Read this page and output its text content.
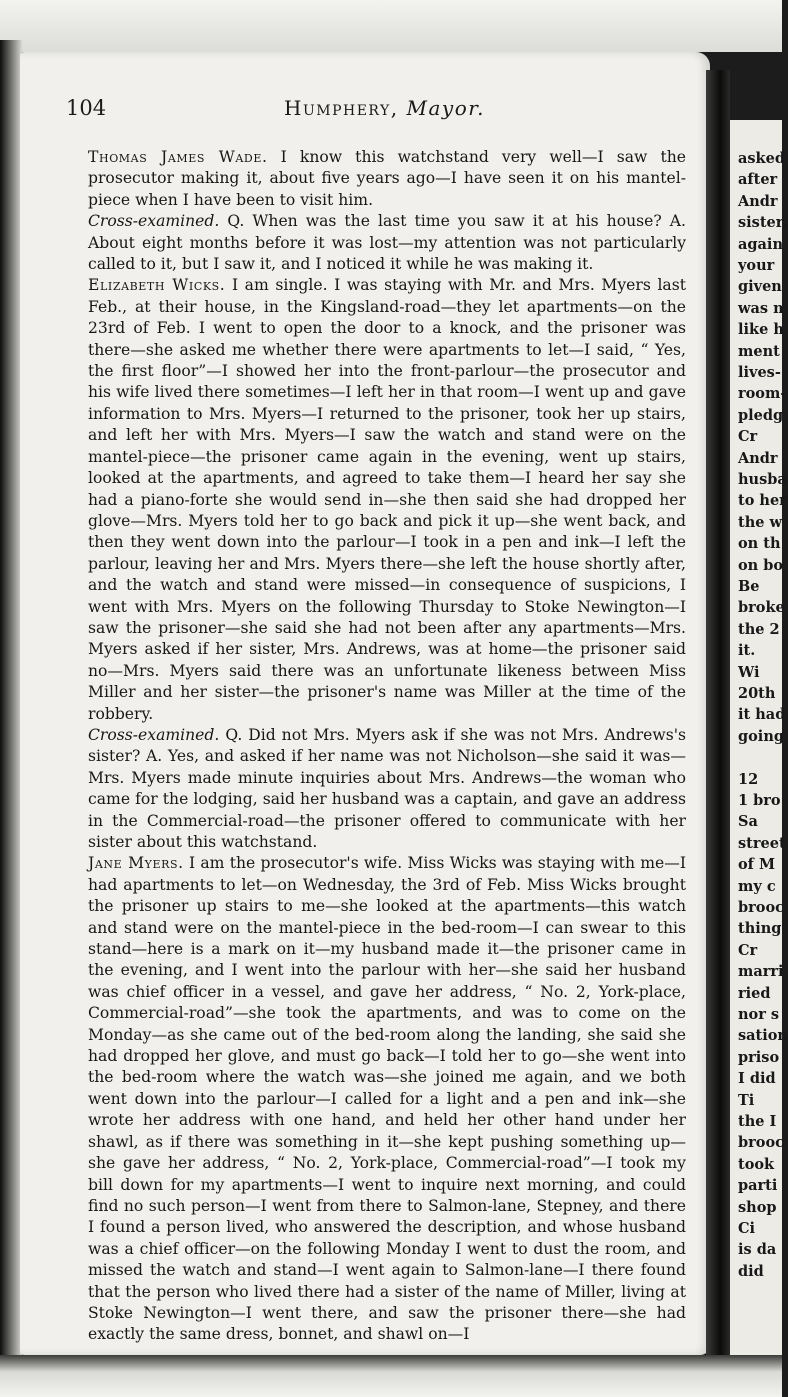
asked
after
Andr
sister,
again
your
given
was n
like h
ment
lives-
room-
pledg
Cr
Andr
husba
to her
the w
on th
on bo
Be
broke
the 2
it.
Wi
20th
it had
going
12
1 bro
Sa
street
of M
my c
brooc
thing
Cr
marri
ried
nor s
sation
priso
I did
Ti
the I
brooc
took
parti
shop
Ci
is da
did
104	Humphery, Mayor.

Thomas James Wade. I know this watchstand very well—I saw the prosecutor making it, about five years ago—I have seen it on his mantel-piece when I have been to visit him.

Cross-examined. Q. When was the last time you saw it at his house? A. About eight months before it was lost—my attention was not particularly called to it, but I saw it, and I noticed it while he was making it.

Elizabeth Wicks. I am single. I was staying with Mr. and Mrs. Myers last Feb., at their house, in the Kingsland-road—they let apartments—on the 23rd of Feb. I went to open the door to a knock, and the prisoner was there—she asked me whether there were apartments to let—I said, “ Yes, the first floor”—I showed her into the front-parlour—the prosecutor and his wife lived there sometimes—I left her in that room—I went up and gave information to Mrs. Myers—I returned to the prisoner, took her up stairs, and left her with Mrs. Myers—I saw the watch and stand were on the mantel-piece—the prisoner came again in the evening, went up stairs, looked at the apartments, and agreed to take them—I heard her say she had a piano-forte she would send in—she then said she had dropped her glove—Mrs. Myers told her to go back and pick it up—she went back, and then they went down into the parlour—I took in a pen and ink—I left the parlour, leaving her and Mrs. Myers there—she left the house shortly after, and the watch and stand were missed—in consequence of suspicions, I went with Mrs. Myers on the following Thursday to Stoke Newington—I saw the prisoner—she said she had not been after any apartments—Mrs. Myers asked if her sister, Mrs. Andrews, was at home—the prisoner said no—Mrs. Myers said there was an unfortunate likeness between Miss Miller and her sister—the prisoner's name was Miller at the time of the robbery.

Cross-examined. Q. Did not Mrs. Myers ask if she was not Mrs. Andrews's sister? A. Yes, and asked if her name was not Nicholson—she said it was—Mrs. Myers made minute inquiries about Mrs. Andrews—the woman who came for the lodging, said her husband was a captain, and gave an address in the Commercial-road—the prisoner offered to communicate with her sister about this watchstand.

Jane Myers. I am the prosecutor's wife. Miss Wicks was staying with me—I had apartments to let—on Wednesday, the 3rd of Feb. Miss Wicks brought the prisoner up stairs to me—she looked at the apartments—this watch and stand were on the mantel-piece in the bed-room—I can swear to this stand—here is a mark on it—my husband made it—the prisoner came in the evening, and I went into the parlour with her—she said her husband was chief officer in a vessel, and gave her address, “ No. 2, York-place, Commercial-road”—she took the apartments, and was to come on the Monday—as she came out of the bed-room along the landing, she said she had dropped her glove, and must go back—I told her to go—she went into the bed-room where the watch was—she joined me again, and we both went down into the parlour—I called for a light and a pen and ink—she wrote her address with one hand, and held her other hand under her shawl, as if there was something in it—she kept pushing something up—she gave her address, “ No. 2, York-place, Commercial-road”—I took my bill down for my apartments—I went to inquire next morning, and could find no such person—I went from there to Salmon-lane, Stepney, and there I found a person lived, who answered the description, and whose husband was a chief officer—on the following Monday I went to dust the room, and missed the watch and stand—I went again to Salmon-lane—I there found that the person who lived there had a sister of the name of Miller, living at Stoke Newington—I went there, and saw the prisoner there—she had exactly the same dress, bonnet, and shawl on—I
